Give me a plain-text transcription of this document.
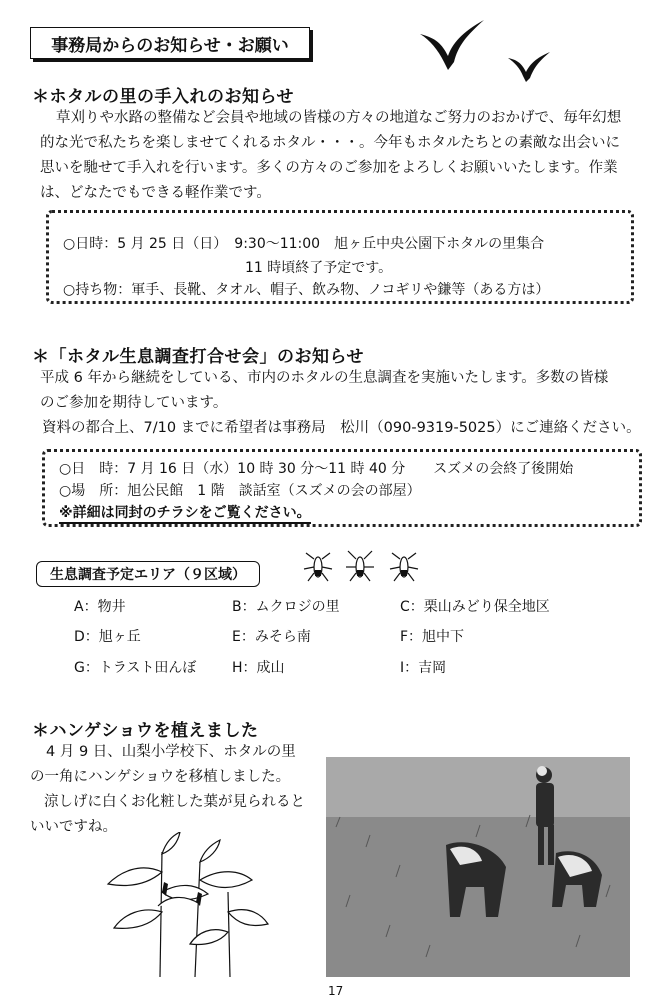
事務局からのお知らせ・お願い
＊ホタルの里の手入れのお知らせ
草刈りや水路の整備など会員や地域の皆様の方々の地道なご努力のおかげで、毎年幻想
的な光で私たちを楽しませてくれるホタル・・・。今年もホタルたちとの素敵な出会いに
思いを馳せて手入れを行います。多くの方々のご参加をよろしくお願いいたします。作業
は、どなたでもできる軽作業です。
○日時：5 月 25 日（日）　9:30～11:00　旭ヶ丘中央公園下ホタルの里集合
11 時頃終了予定です。
○持ち物：軍手、長靴、タオル、帽子、飲み物、ノコギリや鎌等（ある方は）
＊「ホタル生息調査打合せ会」のお知らせ
平成 6 年から継続をしている、市内のホタルの生息調査を実施いたします。多数の皆様
のご参加を期待しています。
資料の都合上、7/10 までに希望者は事務局　松川（090-9319-5025）にご連絡ください。
○日　時：7 月 16 日（水）10 時 30 分～11 時 40 分　　スズメの会終了後開始
○場　所：旭公民館　1 階　談話室（スズメの会の部屋）
※詳細は同封のチラシをご覧ください。
生息調査予定エリア（９区域）
A：物井	B：ムクロジの里	C：栗山みどり保全地区
D：旭ヶ丘	E：みそら南	F：旭中下
G：トラスト田んぼ	H：成山	I：吉岡
＊ハンゲショウを植えました
4 月 9 日、山梨小学校下、ホタルの里
の一角にハンゲショウを移植しました。
涼しげに白くお化粧した葉が見られると
いいですね。
17
